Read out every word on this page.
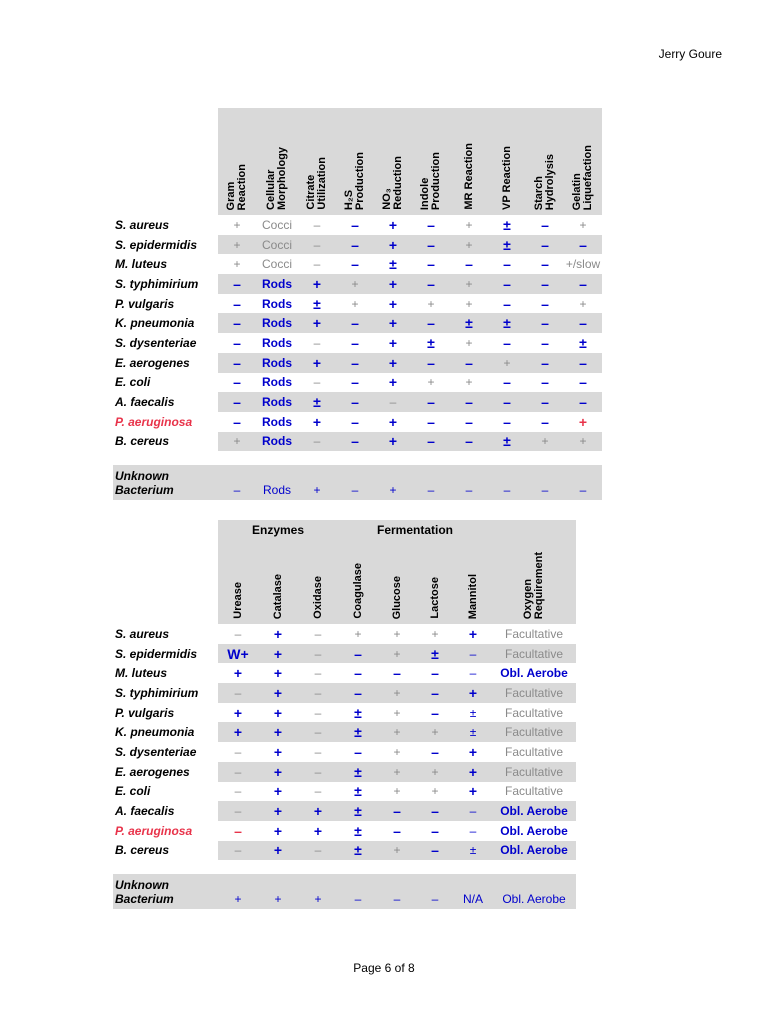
Jerry Goure
	Gram
Reaction	Cellular
Morphology	Citrate
Utilization	H₂S
Production	NO₃
Reduction	Indole
Production	MR Reaction	VP Reaction	Starch
Hydrolysis	Gelatin
Liquefaction
S. aureus	+	Cocci	–	–	+	–	+	±	–	+
S. epidermidis	+	Cocci	–	–	+	–	+	±	–	–
M. luteus	+	Cocci	–	–	±	–	–	–	–	+/slow
S. typhimirium	–	Rods	+	+	+	–	+	–	–	–
P. vulgaris	–	Rods	±	+	+	+	+	–	–	+
K. pneumonia	–	Rods	+	–	+	–	±	±	–	–
S. dysenteriae	–	Rods	–	–	+	±	+	–	–	±
E. aerogenes	–	Rods	+	–	+	–	–	+	–	–
E. coli	–	Rods	–	–	+	+	+	–	–	–
A. faecalis	–	Rods	±	–	–	–	–	–	–	–
P. aeruginosa	–	Rods	+	–	+	–	–	–	–	+
B. cereus	+	Rods	–	–	+	–	–	±	+	+

Unknown
Bacterium	–	Rods	+	–	+	–	–	–	–	–
	Enzymes			Fermentation				
	Urease	Catalase	Oxidase	Coagulase	Glucose	Lactose	Mannitol	Oxygen
Requirement
S. aureus	–	+	–	+	+	+	+	Facultative
S. epidermidis	W+	+	–	–	+	±	–	Facultative
M. luteus	+	+	–	–	–	–	–	Obl. Aerobe
S. typhimirium	–	+	–	–	+	–	+	Facultative
P. vulgaris	+	+	–	±	+	–	±	Facultative
K. pneumonia	+	+	–	±	+	+	±	Facultative
S. dysenteriae	–	+	–	–	+	–	+	Facultative
E. aerogenes	–	+	–	±	+	+	+	Facultative
E. coli	–	+	–	±	+	+	+	Facultative
A. faecalis	–	+	+	±	–	–	–	Obl. Aerobe
P. aeruginosa	–	+	+	±	–	–	–	Obl. Aerobe
B. cereus	–	+	–	±	+	–	±	Obl. Aerobe

Unknown
Bacterium	+	+	+	–	–	–	N/A	Obl. Aerobe
Page 6 of 8
